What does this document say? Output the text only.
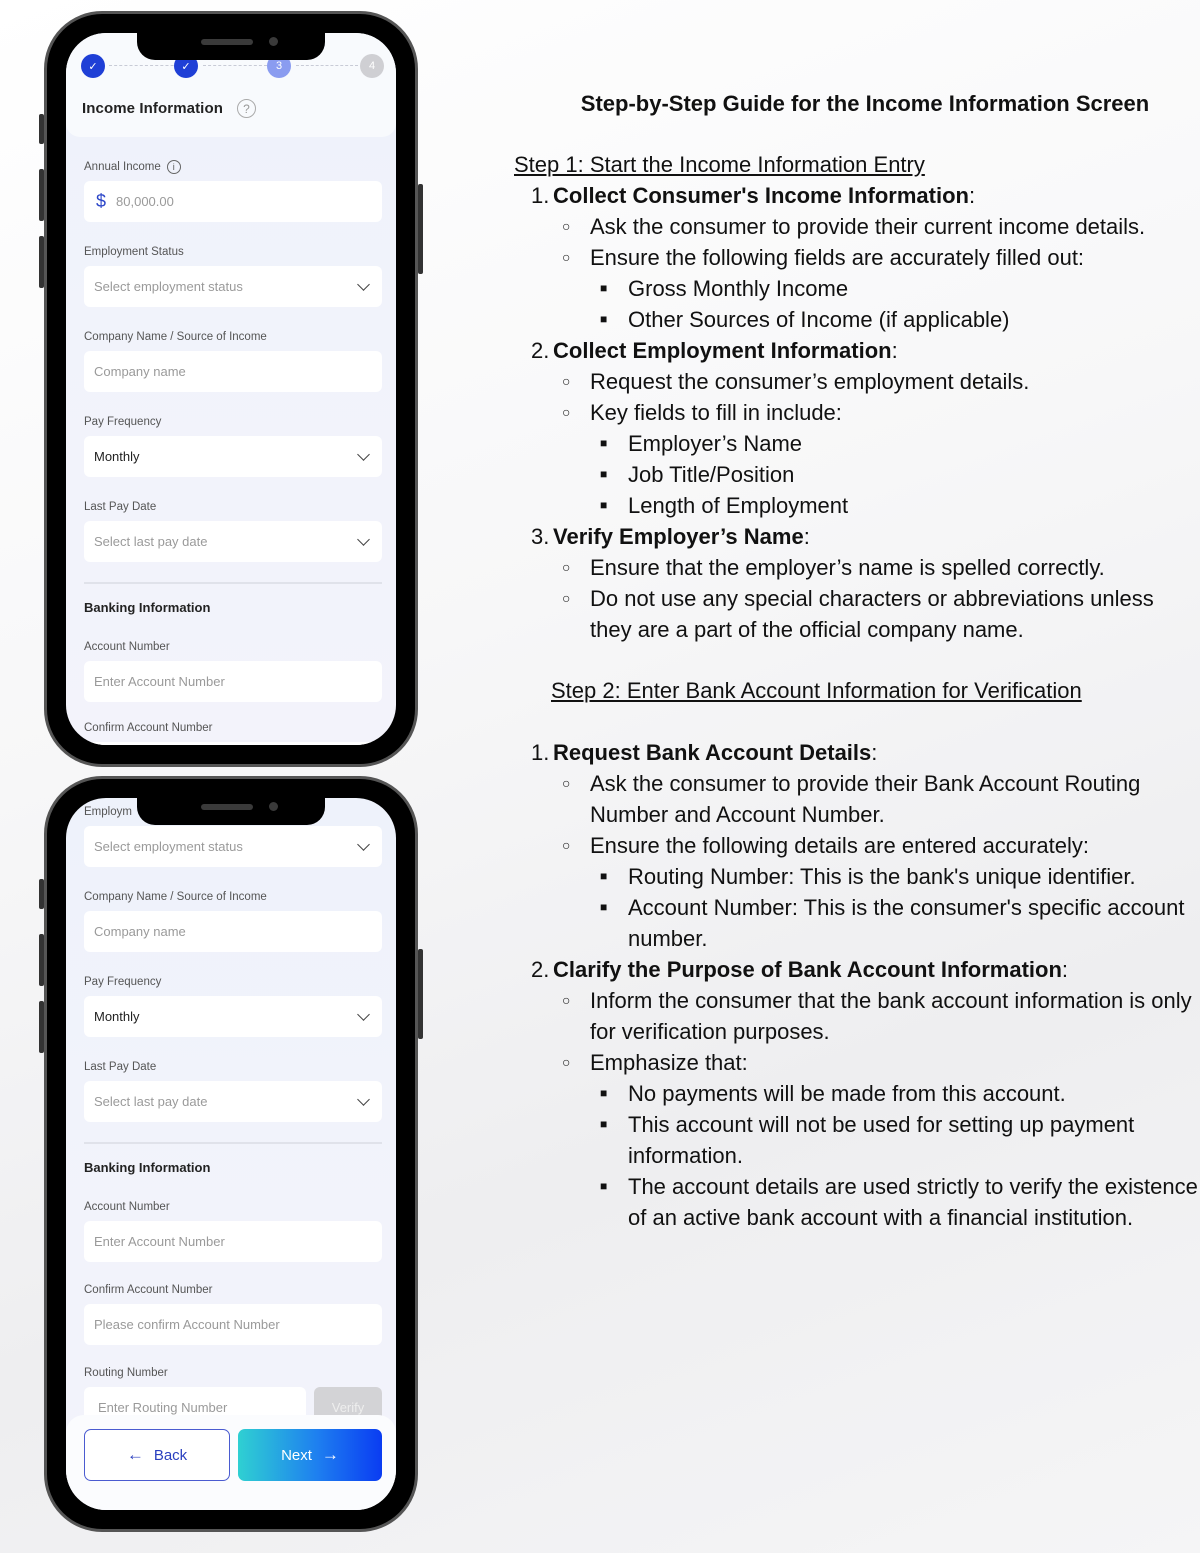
✓	✓	3	4
Income Information	?
Annual Income	i
$ 80,000.00
Employment Status
Select employment status
Company Name / Source of Income
Company name
Pay Frequency
Monthly
Last Pay Date
Select last pay date
Banking Information
Account Number
Enter Account Number
Confirm Account Number
Employm
Select employment status
Company Name / Source of Income
Company name
Pay Frequency
Monthly
Last Pay Date
Select last pay date
Banking Information
Account Number
Enter Account Number
Confirm Account Number
Please confirm Account Number
Routing Number
Enter Routing Number	Verify
← Back	Next →
Step-by-Step Guide for the Income Information Screen
Step 1: Start the Income Information Entry
1. Collect Consumer's Income Information:
○ Ask the consumer to provide their current income details.
○ Ensure the following fields are accurately filled out:
■ Gross Monthly Income
■ Other Sources of Income (if applicable)
2. Collect Employment Information:
○ Request the consumer’s employment details.
○ Key fields to fill in include:
■ Employer’s Name
■ Job Title/Position
■ Length of Employment
3. Verify Employer’s Name:
○ Ensure that the employer’s name is spelled correctly.
○ Do not use any special characters or abbreviations unless they are a part of the official company name.
Step 2: Enter Bank Account Information for Verification
1. Request Bank Account Details:
○ Ask the consumer to provide their Bank Account Routing Number and Account Number.
○ Ensure the following details are entered accurately:
■ Routing Number: This is the bank's unique identifier.
■ Account Number: This is the consumer's specific account number.
2. Clarify the Purpose of Bank Account Information:
○ Inform the consumer that the bank account information is only for verification purposes.
○ Emphasize that:
■ No payments will be made from this account.
■ This account will not be used for setting up payment information.
■ The account details are used strictly to verify the existence of an active bank account with a financial institution.
